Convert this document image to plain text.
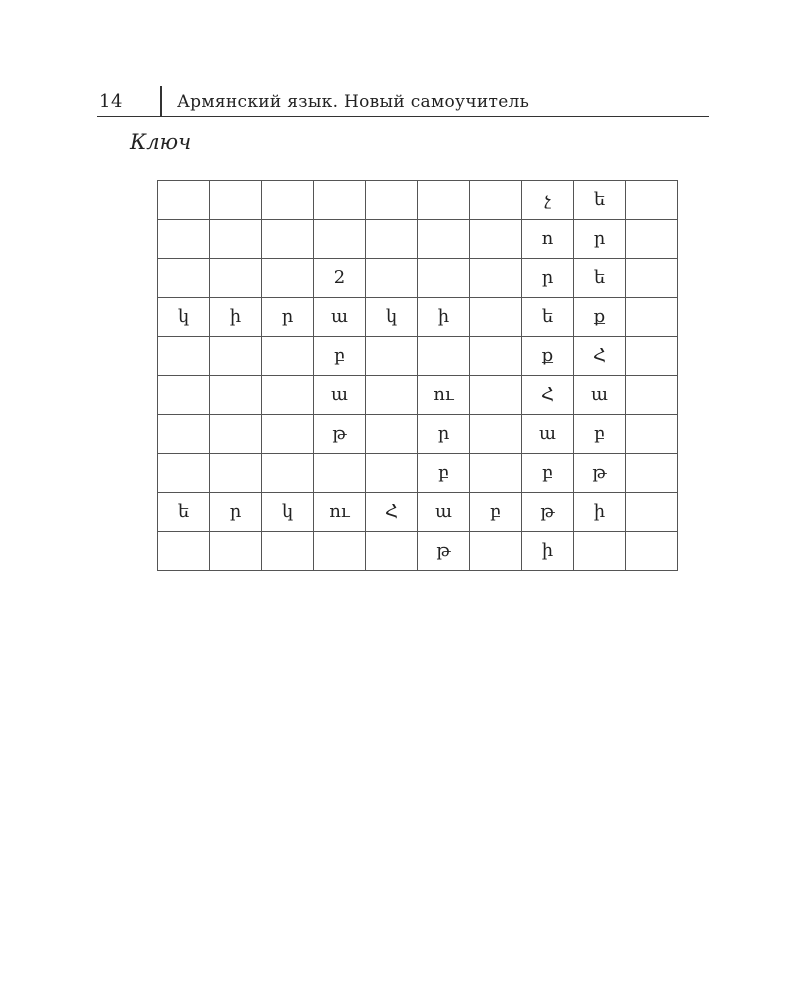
14	Армянский язык. Новый самоучитель
Ключ
							չ	ե	
							ո	ր	
			2				ր	ե	
կ	ի	ր	ա	կ	ի		ե	ք	
			բ				ք	Հ	
			ա		ու		Հ	ա	
			թ		ր		ա	բ	
					բ		բ	թ	
ե	ր	կ	ու	Հ	ա	բ	թ	ի	
					թ		ի		
